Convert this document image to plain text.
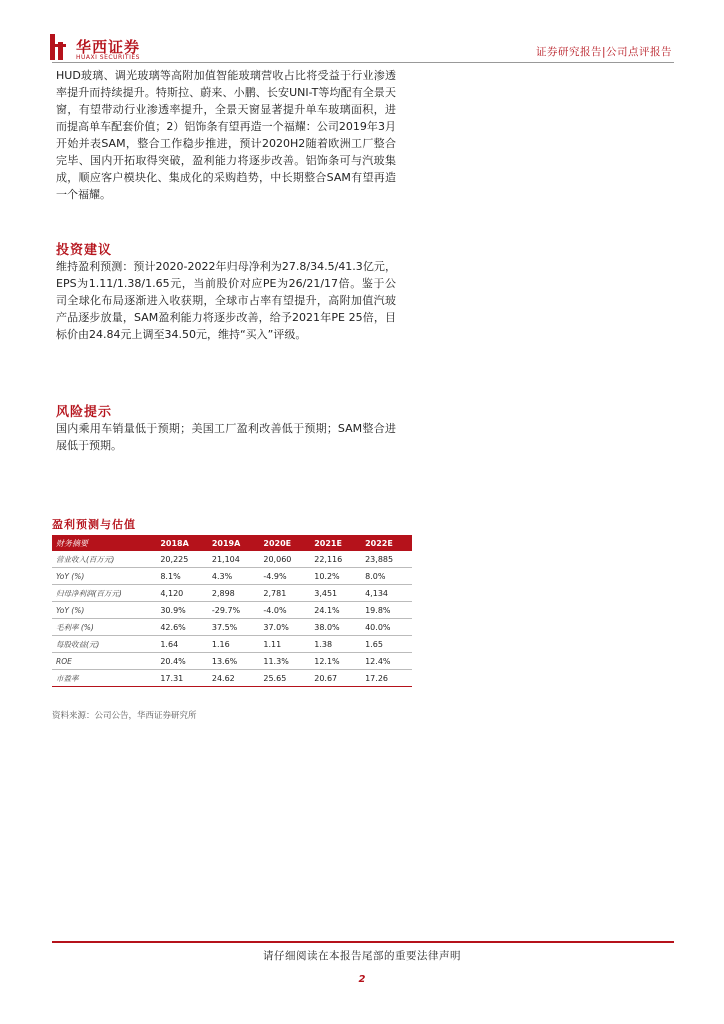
华西证券
HUAXI SECURITIES	证券研究报告|公司点评报告
HUD玻璃、调光玻璃等高附加值智能玻璃营收占比将受益于行业渗透率提升而持续提升。特斯拉、蔚来、小鹏、长安UNI-T等均配有全景天窗，有望带动行业渗透率提升，全景天窗显著提升单车玻璃面积，进而提高单车配套价值；2）铝饰条有望再造一个福耀：公司2019年3月开始并表SAM，整合工作稳步推进，预计2020H2随着欧洲工厂整合完毕、国内开拓取得突破，盈利能力将逐步改善。铝饰条可与汽玻集成，顺应客户模块化、集成化的采购趋势，中长期整合SAM有望再造一个福耀。
投资建议
维持盈利预测：预计2020-2022年归母净利为27.8/34.5/41.3亿元，EPS为1.11/1.38/1.65元，当前股价对应PE为26/21/17倍。鉴于公司全球化布局逐渐进入收获期，全球市占率有望提升，高附加值汽玻产品逐步放量，SAM盈利能力将逐步改善，给予2021年PE 25倍，目标价由24.84元上调至34.50元，维持“买入”评级。
风险提示
国内乘用车销量低于预期；美国工厂盈利改善低于预期；SAM整合进展低于预期。
盈利预测与估值
财务摘要	2018A	2019A	2020E	2021E	2022E
营业收入(百万元)	20,225	21,104	20,060	22,116	23,885
YoY (%)	8.1%	4.3%	-4.9%	10.2%	8.0%
归母净利润(百万元)	4,120	2,898	2,781	3,451	4,134
YoY (%)	30.9%	-29.7%	-4.0%	24.1%	19.8%
毛利率 (%)	42.6%	37.5%	37.0%	38.0%	40.0%
每股收益(元)	1.64	1.16	1.11	1.38	1.65
ROE	20.4%	13.6%	11.3%	12.1%	12.4%
市盈率	17.31	24.62	25.65	20.67	17.26
资料来源：公司公告，华西证券研究所
请仔细阅读在本报告尾部的重要法律声明
2
